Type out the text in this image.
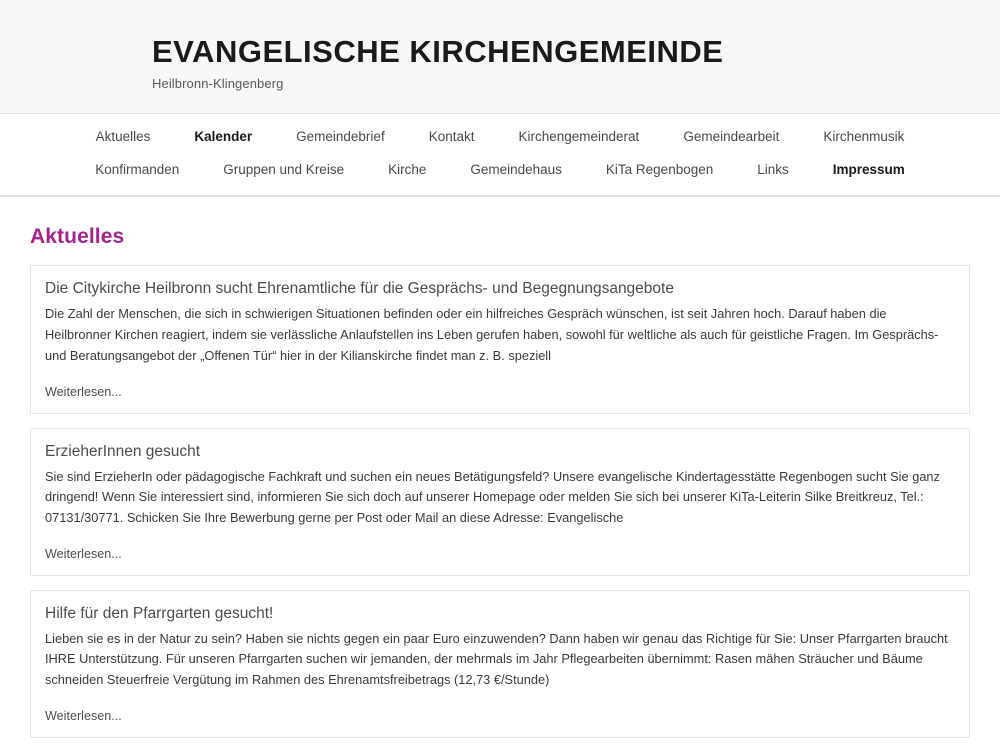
EVANGELISCHE KIRCHENGEMEINDE

Heilbronn-Klingenberg

Aktuelles	Kalender	Gemeindebrief	Kontakt	Kirchengemeinderat	Gemeindearbeit	Kirchenmusik
Konfirmanden	Gruppen und Kreise	Kirche	Gemeindehaus	KiTa Regenbogen	Links	Impressum
Aktuelles
Die Citykirche Heilbronn sucht Ehrenamtliche für die Gesprächs- und Begegnungsangebote

Die Zahl der Menschen, die sich in schwierigen Situationen befinden oder ein hilfreiches Gespräch wünschen, ist seit Jahren hoch. Darauf haben die Heilbronner Kirchen reagiert, indem sie verlässliche Anlaufstellen ins Leben gerufen haben, sowohl für weltliche als auch für geistliche Fragen. Im Gesprächs- und Beratungsangebot der „Offenen Tür“ hier in der Kilianskirche findet man z. B. speziell

Weiterlesen...
ErzieherInnen gesucht

Sie sind ErzieherIn oder pädagogische Fachkraft und suchen ein neues Betätigungsfeld? Unsere evangelische Kindertagesstätte Regenbogen sucht Sie ganz dringend! Wenn Sie interessiert sind, informieren Sie sich doch auf unserer Homepage oder melden Sie sich bei unserer KiTa-Leiterin Silke Breitkreuz, Tel.: 07131/30771. Schicken Sie Ihre Bewerbung gerne per Post oder Mail an diese Adresse: Evangelische

Weiterlesen...
Hilfe für den Pfarrgarten gesucht!

Lieben sie es in der Natur zu sein? Haben sie nichts gegen ein paar Euro einzuwenden? Dann haben wir genau das Richtige für Sie: Unser Pfarrgarten braucht IHRE Unterstützung. Für unseren Pfarrgarten suchen wir jemanden, der mehrmals im Jahr Pflegearbeiten übernimmt: Rasen mähen Sträucher und Bäume schneiden Steuerfreie Vergütung im Rahmen des Ehrenamtsfreibetrags (12,73 €/Stunde)

Weiterlesen...
